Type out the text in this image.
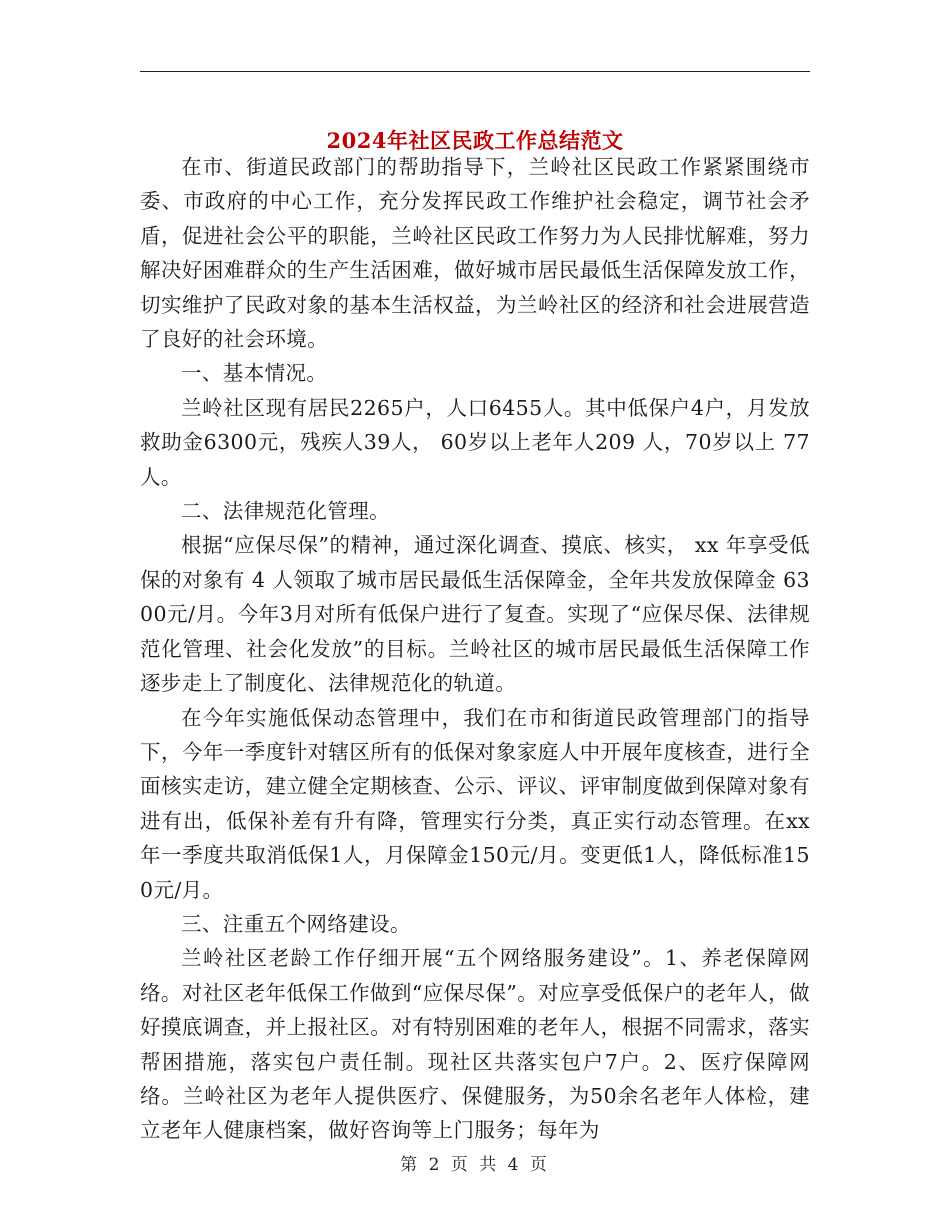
2024年社区民政工作总结范文

在市、街道民政部门的帮助指导下，兰岭社区民政工作紧紧围绕市委、市政府的中心工作，充分发挥民政工作维护社会稳定，调节社会矛盾，促进社会公平的职能，兰岭社区民政工作努力为人民排忧解难，努力解决好困难群众的生产生活困难，做好城市居民最低生活保障发放工作，切实维护了民政对象的基本生活权益，为兰岭社区的经济和社会进展营造了良好的社会环境。

一、基本情况。

兰岭社区现有居民2265户，人口6455人。其中低保户4户，月发放救助金6300元，残疾人39人， 60岁以上老年人209 人，70岁以上 77人。

二、法律规范化管理。

根据“应保尽保”的精神，通过深化调查、摸底、核实， xx 年享受低保的对象有 4 人领取了城市居民最低生活保障金，全年共发放保障金 6300元/月。今年3月对所有低保户进行了复查。实现了“应保尽保、法律规范化管理、社会化发放”的目标。兰岭社区的城市居民最低生活保障工作逐步走上了制度化、法律规范化的轨道。

在今年实施低保动态管理中，我们在市和街道民政管理部门的指导下，今年一季度针对辖区所有的低保对象家庭人中开展年度核查，进行全面核实走访，建立健全定期核查、公示、评议、评审制度做到保障对象有进有出，低保补差有升有降，管理实行分类，真正实行动态管理。在xx年一季度共取消低保1人，月保障金150元/月。变更低1人，降低标准150元/月。

三、注重五个网络建设。

兰岭社区老龄工作仔细开展“五个网络服务建设”。1、养老保障网络。对社区老年低保工作做到“应保尽保”。对应享受低保户的老年人，做好摸底调查，并上报社区。对有特别困难的老年人，根据不同需求，落实帮困措施，落实包户责任制。现社区共落实包户7户。2、医疗保障网络。兰岭社区为老年人提供医疗、保健服务，为50余名老年人体检，建立老年人健康档案，做好咨询等上门服务；每年为

第 2 页 共 4 页
